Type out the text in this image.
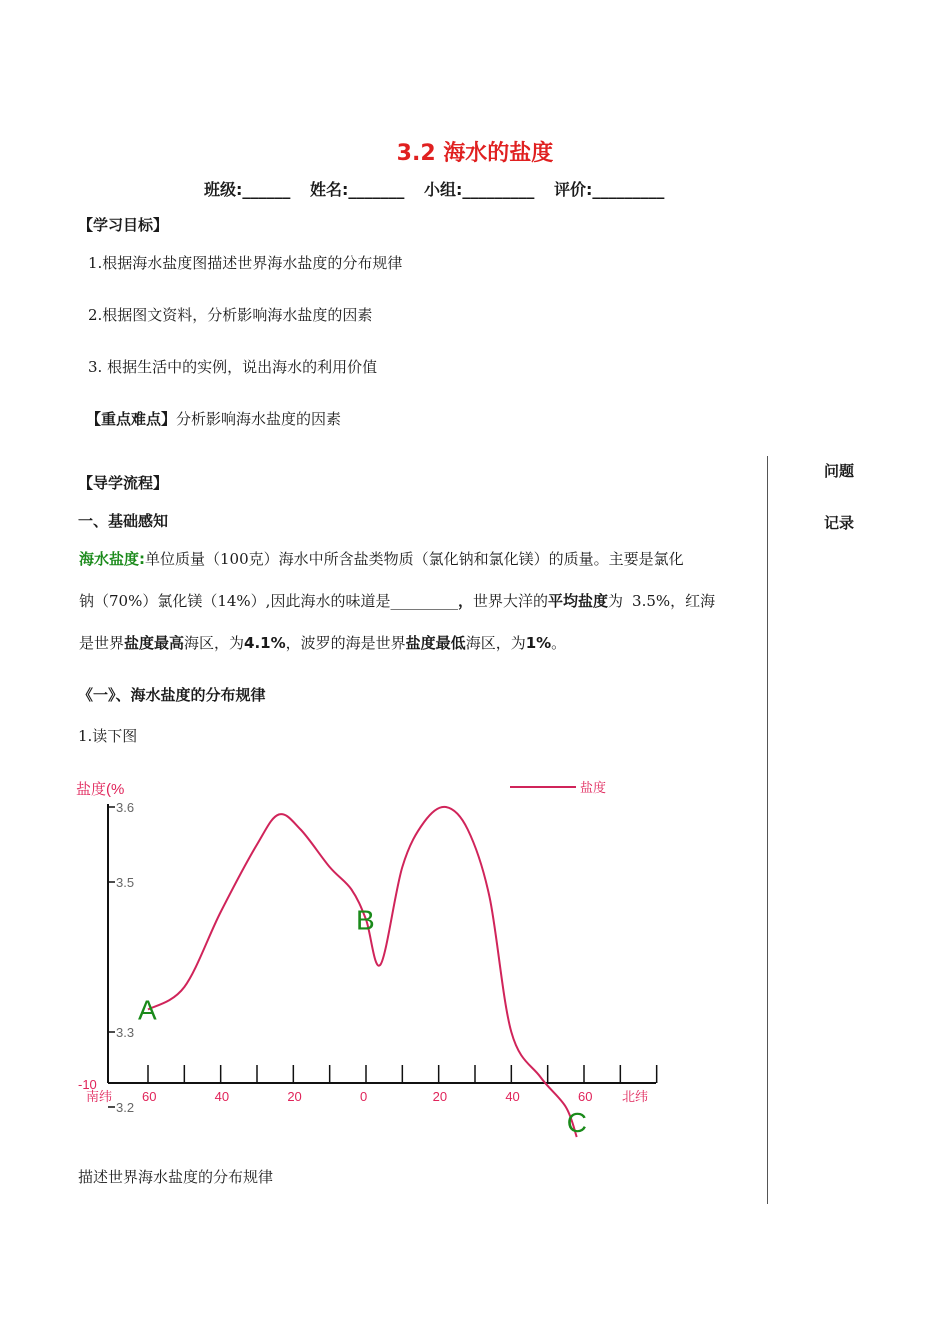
3.2 海水的盐度
班级:______ 姓名:_______ 小组:_________ 评价:_________
【学习目标】
1.根据海水盐度图描述世界海水盐度的分布规律
2.根据图文资料，分析影响海水盐度的因素
3. 根据生活中的实例，说出海水的利用价值
【重点难点】分析影响海水盐度的因素
问题
记录
【导学流程】
一、基础感知
海水盐度:单位质量（100克）海水中所含盐类物质（氯化钠和氯化镁）的质量。主要是氯化
钠（70%）氯化镁（14%）,因此海水的味道是_________，世界大洋的平均盐度为 3.5%，红海
是世界盐度最高海区，为4.1%，波罗的海是世界盐度最低海区，为1%。
《一》、海水盐度的分布规律
1.读下图
盐度(%	盐度
3.6
3.5
3.3
3.2
-10
南纬 60	40	20	0	20	40	60 北纬
A
B
C
描述世界海水盐度的分布规律
